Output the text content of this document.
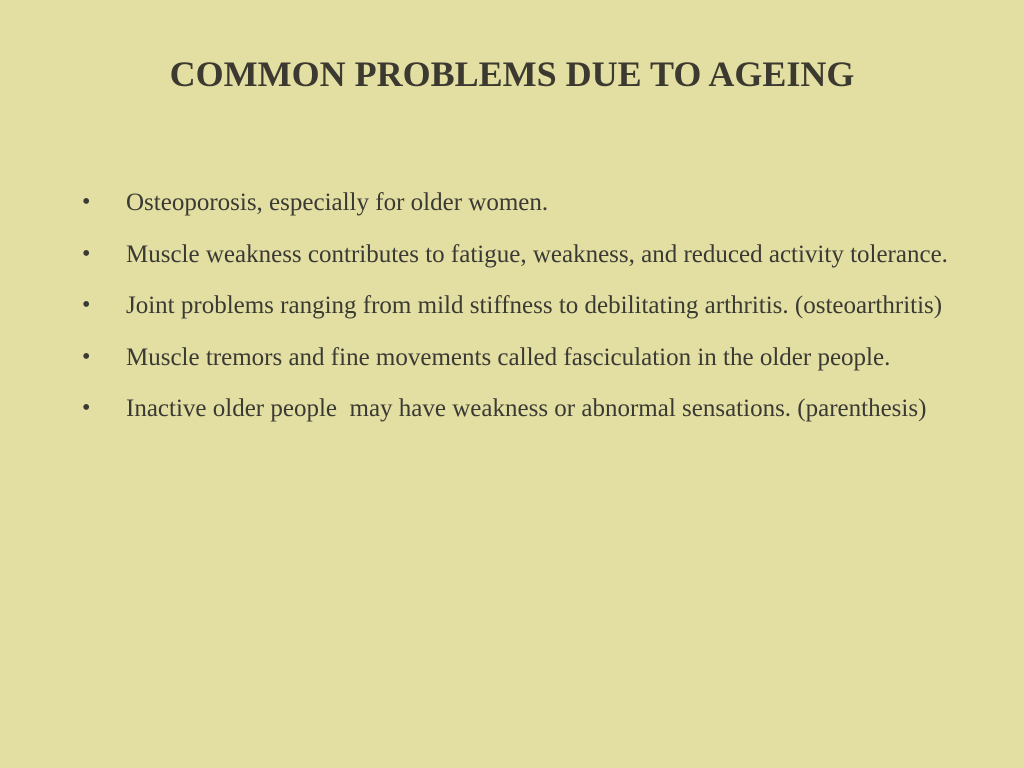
COMMON PROBLEMS DUE TO AGEING
•	Osteoporosis, especially for older women.
•	Muscle weakness contributes to fatigue, weakness, and reduced activity tolerance.
•	Joint problems ranging from mild stiffness to debilitating arthritis. (osteoarthritis)
•	Muscle tremors and fine movements called fasciculation in the older people.
•	Inactive older people  may have weakness or abnormal sensations. (parenthesis)
